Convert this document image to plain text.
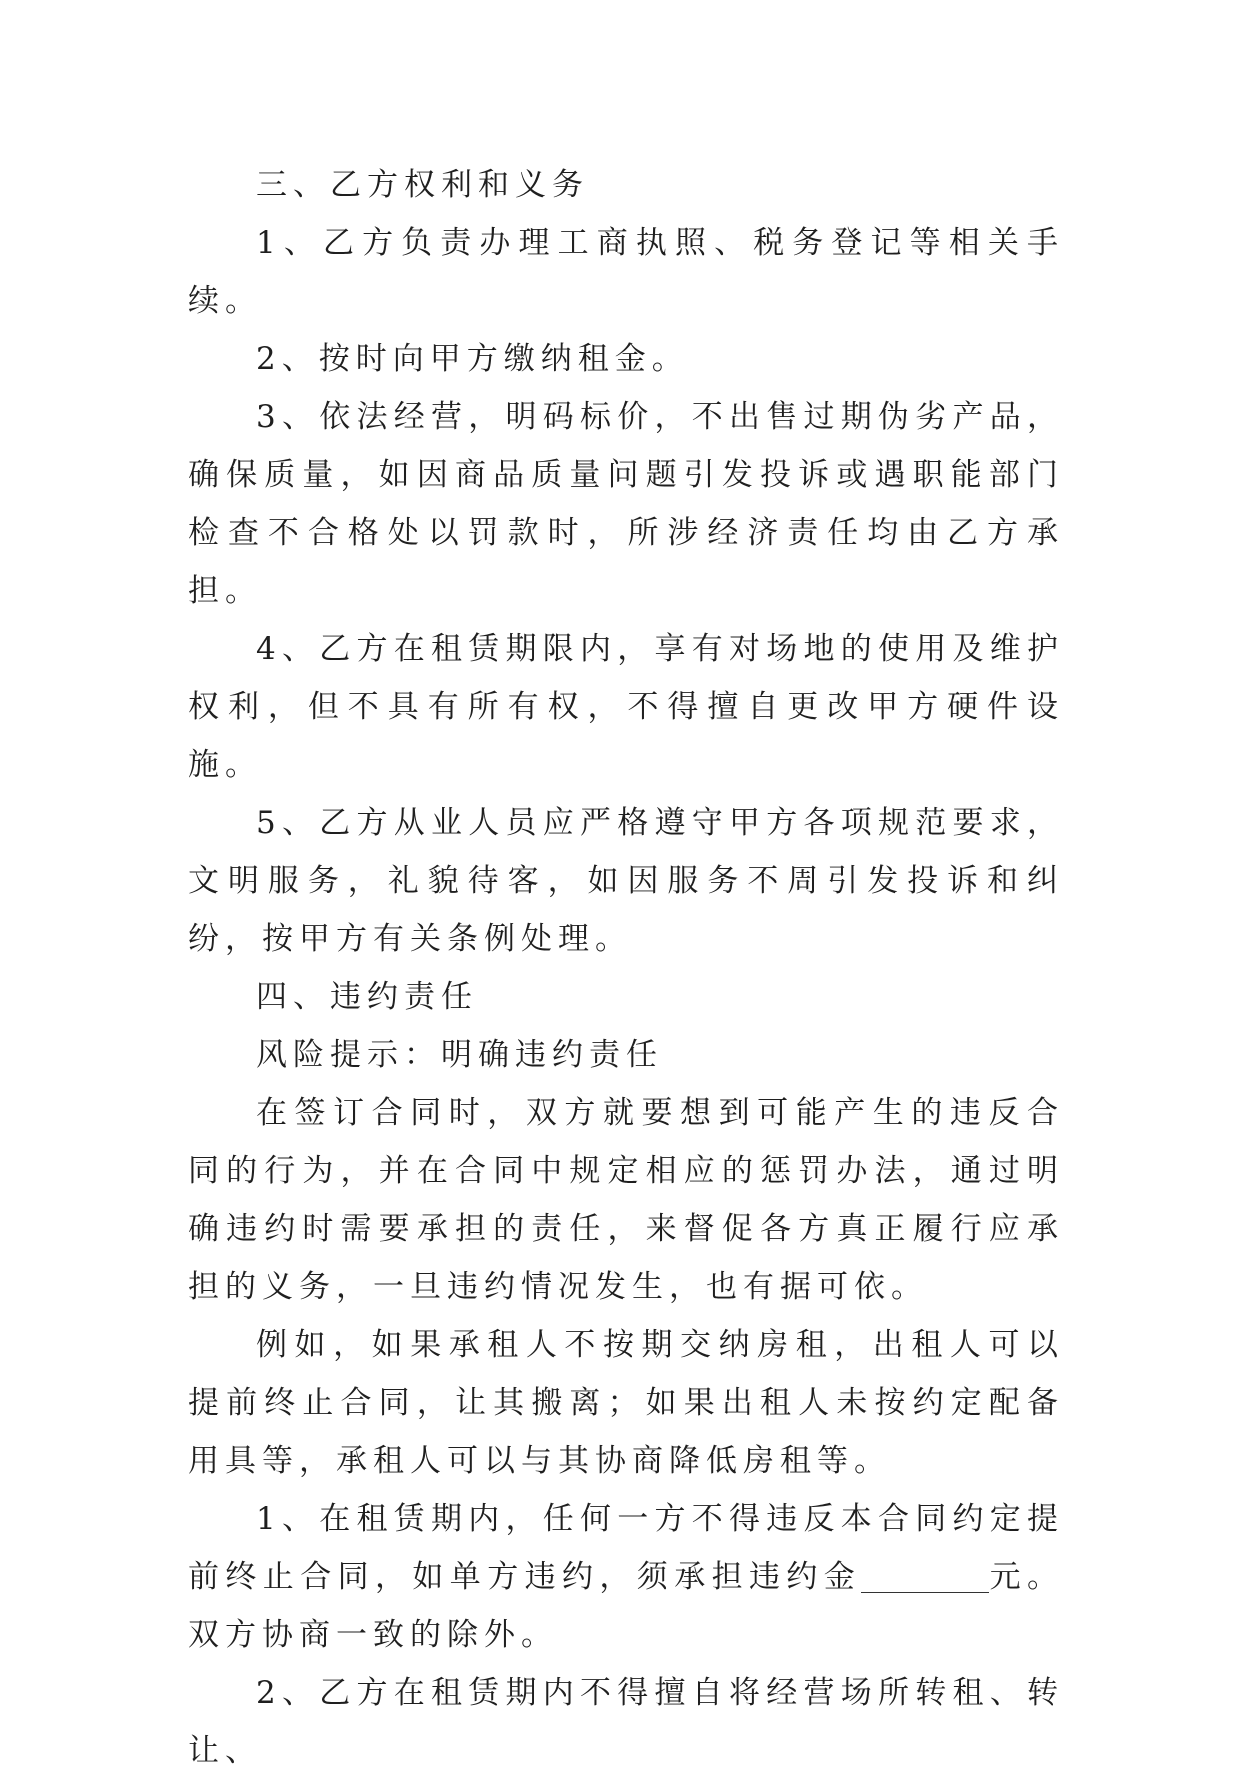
三、乙方权利和义务

1、乙方负责办理工商执照、税务登记等相关手续。

2、按时向甲方缴纳租金。

3、依法经营，明码标价，不出售过期伪劣产品，确保质量，如因商品质量问题引发投诉或遇职能部门检查不合格处以罚款时，所涉经济责任均由乙方承担。

4、乙方在租赁期限内，享有对场地的使用及维护权利，但不具有所有权，不得擅自更改甲方硬件设施。

5、乙方从业人员应严格遵守甲方各项规范要求，文明服务，礼貌待客，如因服务不周引发投诉和纠纷，按甲方有关条例处理。

四、违约责任

风险提示：明确违约责任

在签订合同时，双方就要想到可能产生的违反合同的行为，并在合同中规定相应的惩罚办法，通过明确违约时需要承担的责任，来督促各方真正履行应承担的义务，一旦违约情况发生，也有据可依。

例如，如果承租人不按期交纳房租，出租人可以提前终止合同，让其搬离；如果出租人未按约定配备用具等，承租人可以与其协商降低房租等。

1、在租赁期内，任何一方不得违反本合同约定提前终止合同，如单方违约，须承担违约金	元。双方协商一致的除外。

2、乙方在租赁期内不得擅自将经营场所转租、转让、
